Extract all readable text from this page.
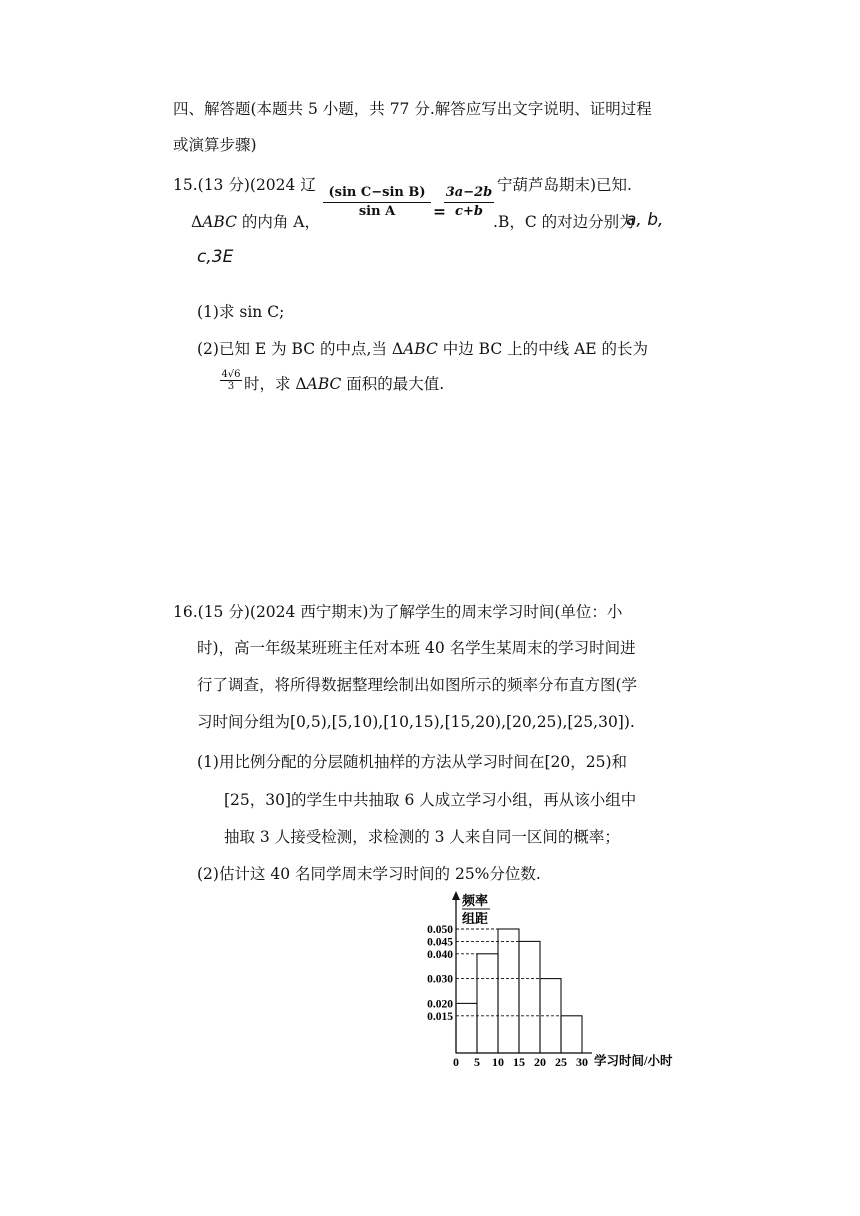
四、解答题(本题共 5 小题，共 77 分.解答应写出文字说明、证明过程
或演算步骤)
15.(13 分)(2024 辽	宁葫芦岛期末)已知.
ΔABC 的内角 A，
(sin C−sin B)
sin A	=
3a−2b
c+b
. B，C 的对边分别为
a, b,
c,3E
(1)求 sin C;
(2)已知 E 为 BC 的中点,当 ΔABC 中边 BC 上的中线 AE 的长为
4√6
3 时，求 ΔABC 面积的最大值.
16.(15 分)(2024 西宁期末)为了解学生的周末学习时间(单位：小
时)，高一年级某班班主任对本班 40 名学生某周末的学习时间进
行了调查，将所得数据整理绘制出如图所示的频率分布直方图(学
习时间分组为[0,5),[5,10),[10,15),[15,20),[20,25),[25,30]).
(1)用比例分配的分层随机抽样的方法从学习时间在[20，25)和
[25，30]的学生中共抽取 6 人成立学习小组，再从该小组中
抽取 3 人接受检测，求检测的 3 人来自同一区间的概率；
(2)估计这 40 名同学周末学习时间的 25%分位数.
0.050
0.045
0.040
0.030
0.020
0.015
0 5 10 15 20 25 30
频率
组距
学习时间/小时
